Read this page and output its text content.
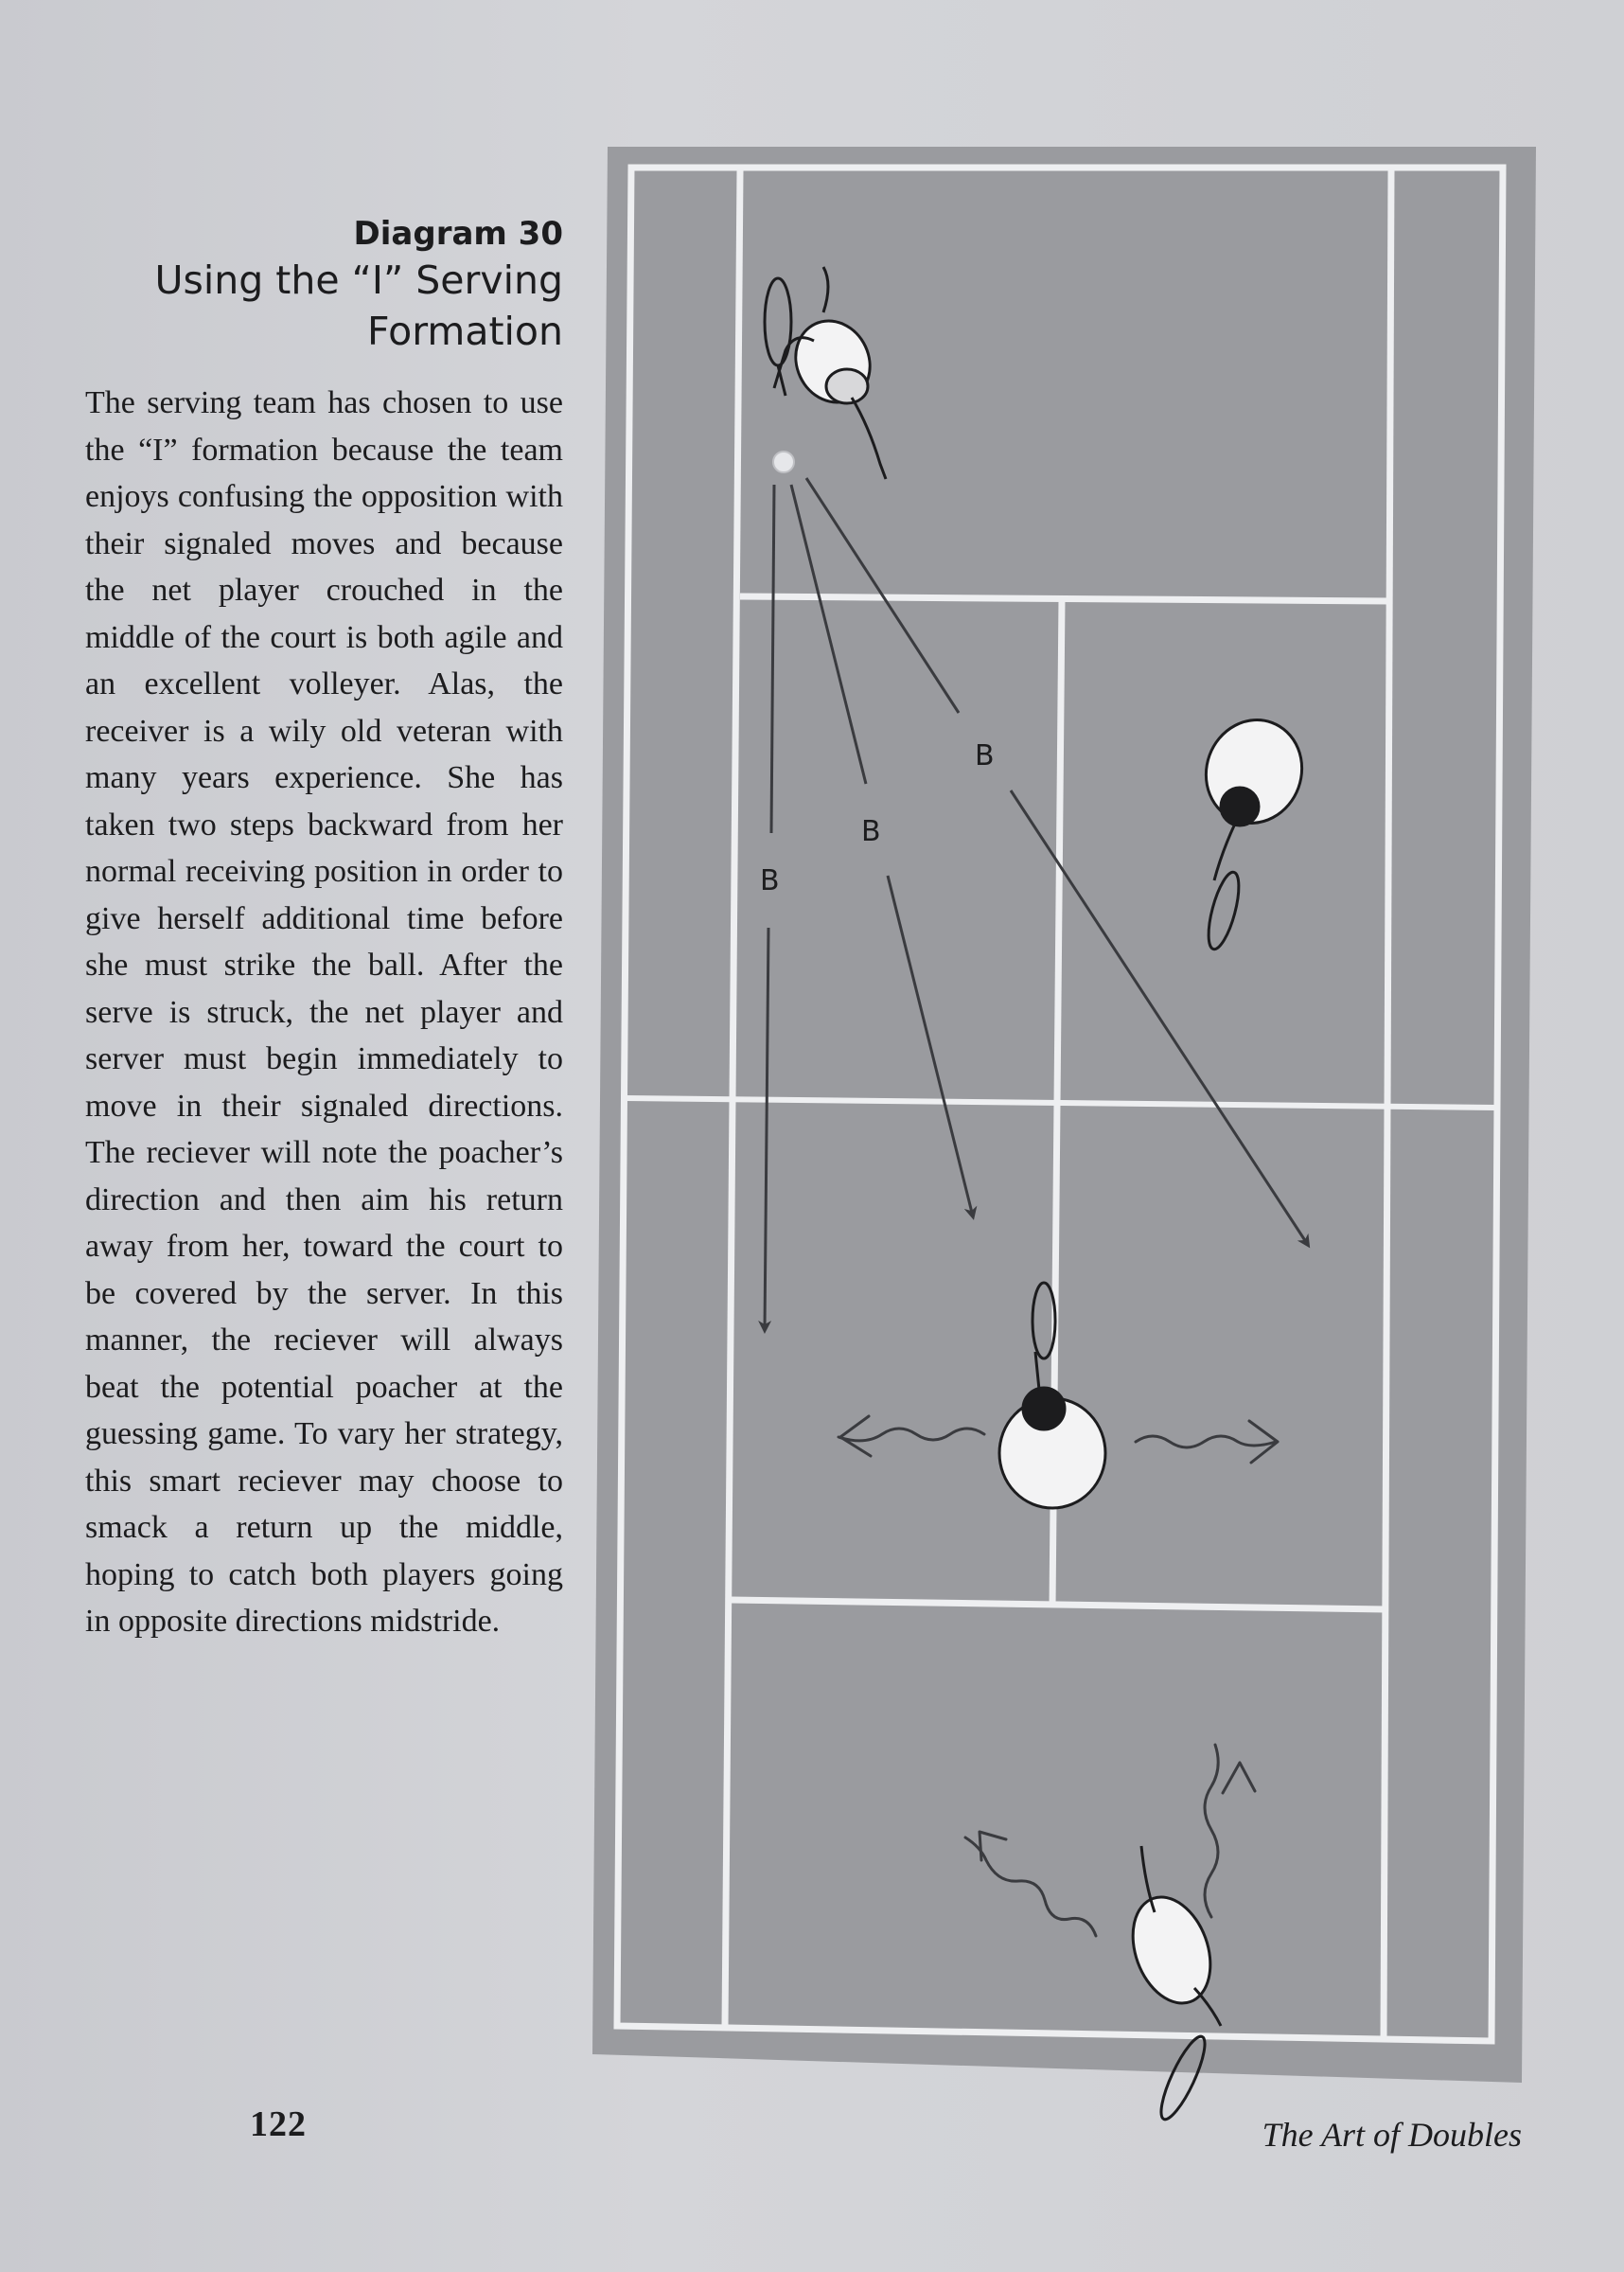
Diagram 30
Using the “I” Serving Formation

The serving team has chosen to use the “I” formation because the team enjoys confusing the opposition with their signaled moves and because the net player crouched in the middle of the court is both agile and an excellent volleyer. Alas, the receiver is a wily old veteran with many years experience. She has taken two steps backward from her normal receiving position in order to give herself additional time before she must strike the ball. After the serve is struck, the net player and server must begin immediately to move in their signaled directions. The reciever will note the poacher’s direction and then aim his return away from her, toward the court to be covered by the server. In this manner, the reciever will always beat the potential poacher at the guessing game. To vary her strategy, this smart reciever may choose to smack a return up the middle, hoping to catch both players going in opposite directions midstride.

B
B
B
122	The Art of Doubles
